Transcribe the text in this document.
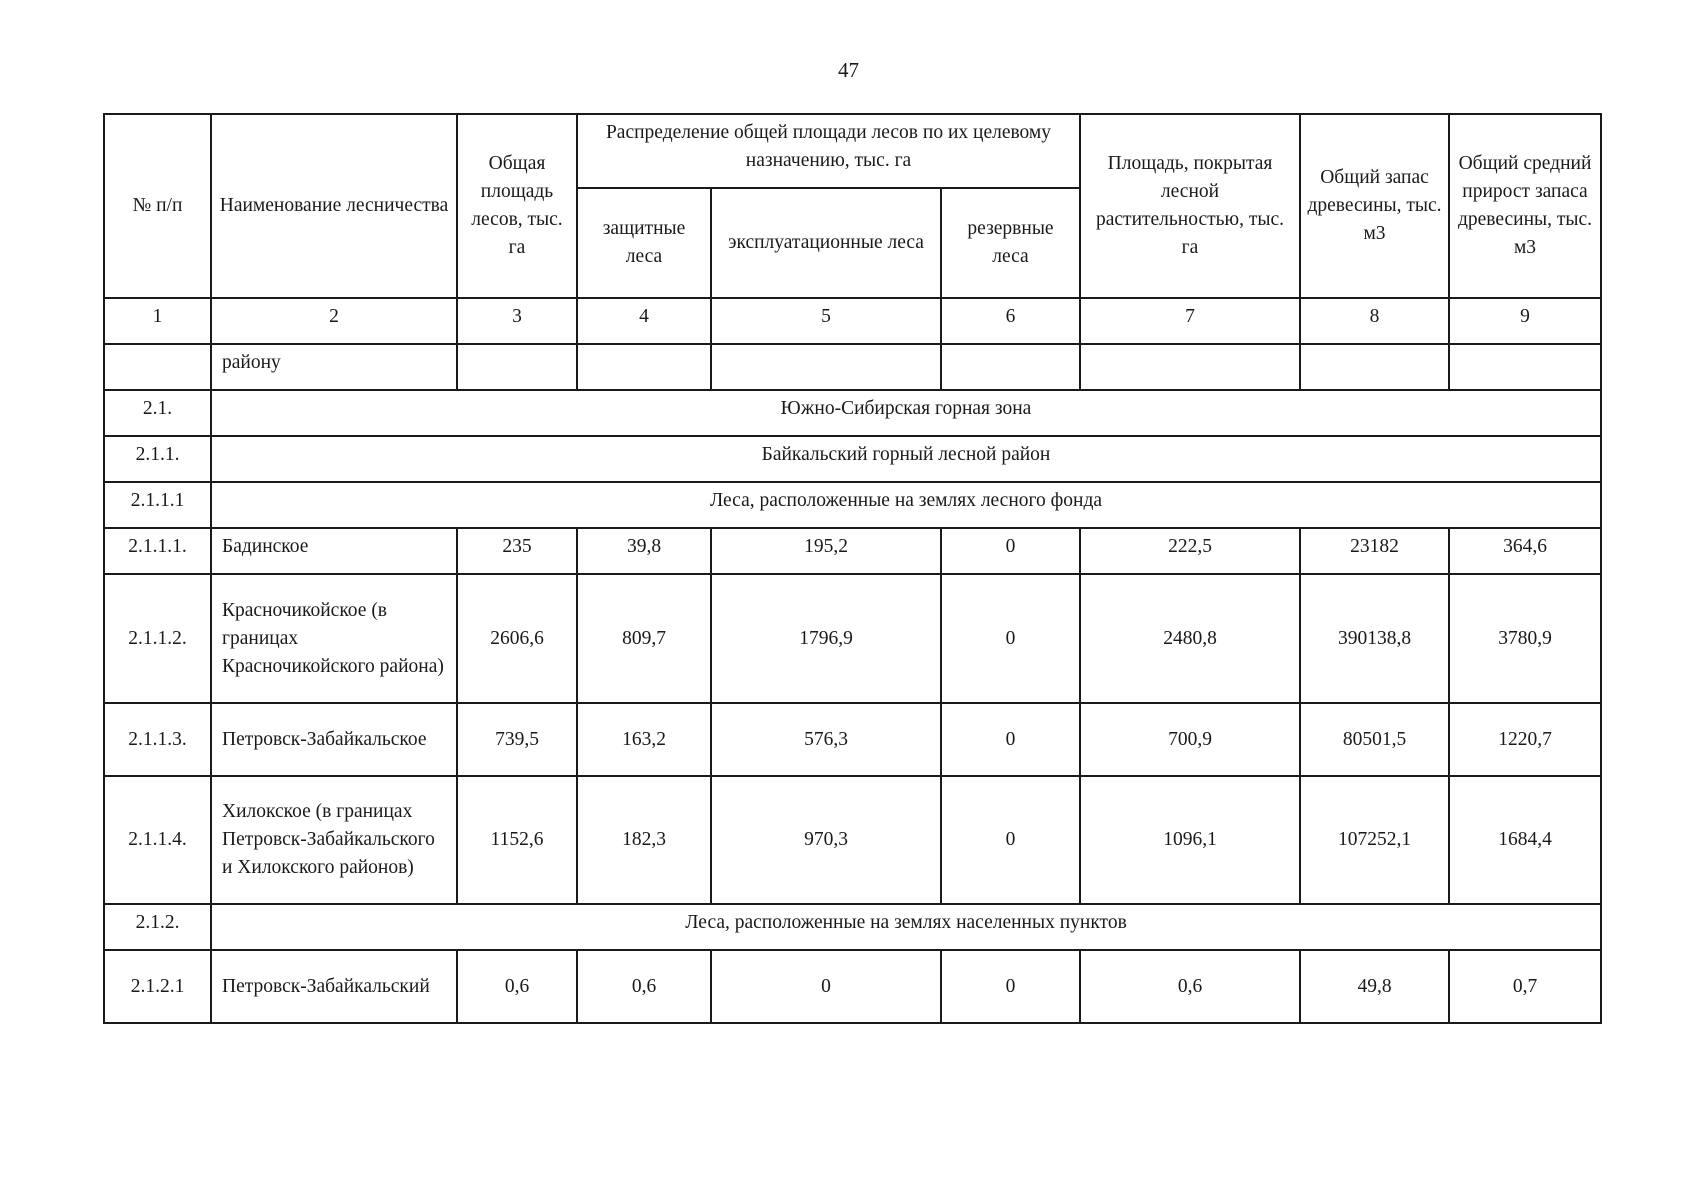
47
№ п/п	Наименование лесничества	Общая площадь лесов, тыс. га	Распределение общей площади лесов по их целевому назначению, тыс. га			Площадь, покрытая лесной растительностью, тыс. га	Общий запас древесины, тыс. м3	Общий средний прирост запаса древесины, тыс. м3
			защитные леса	эксплуатационные леса	резервные леса			
1	2	3	4	5	6	7	8	9
	району							
2.1.	Южно-Сибирская горная зона							
2.1.1.	Байкальский горный лесной район							
2.1.1.1	Леса, расположенные на землях лесного фонда							
2.1.1.1.	Бадинское	235	39,8	195,2	0	222,5	23182	364,6
2.1.1.2.	Красночикойское (в границах Красночикойского района)	2606,6	809,7	1796,9	0	2480,8	390138,8	3780,9
2.1.1.3.	Петровск-Забайкальское	739,5	163,2	576,3	0	700,9	80501,5	1220,7
2.1.1.4.	Хилокское (в границах Петровск-Забайкальского и Хилокского районов)	1152,6	182,3	970,3	0	1096,1	107252,1	1684,4
2.1.2.	Леса, расположенные на землях населенных пунктов							
2.1.2.1	Петровск-Забайкальский	0,6	0,6	0	0	0,6	49,8	0,7
